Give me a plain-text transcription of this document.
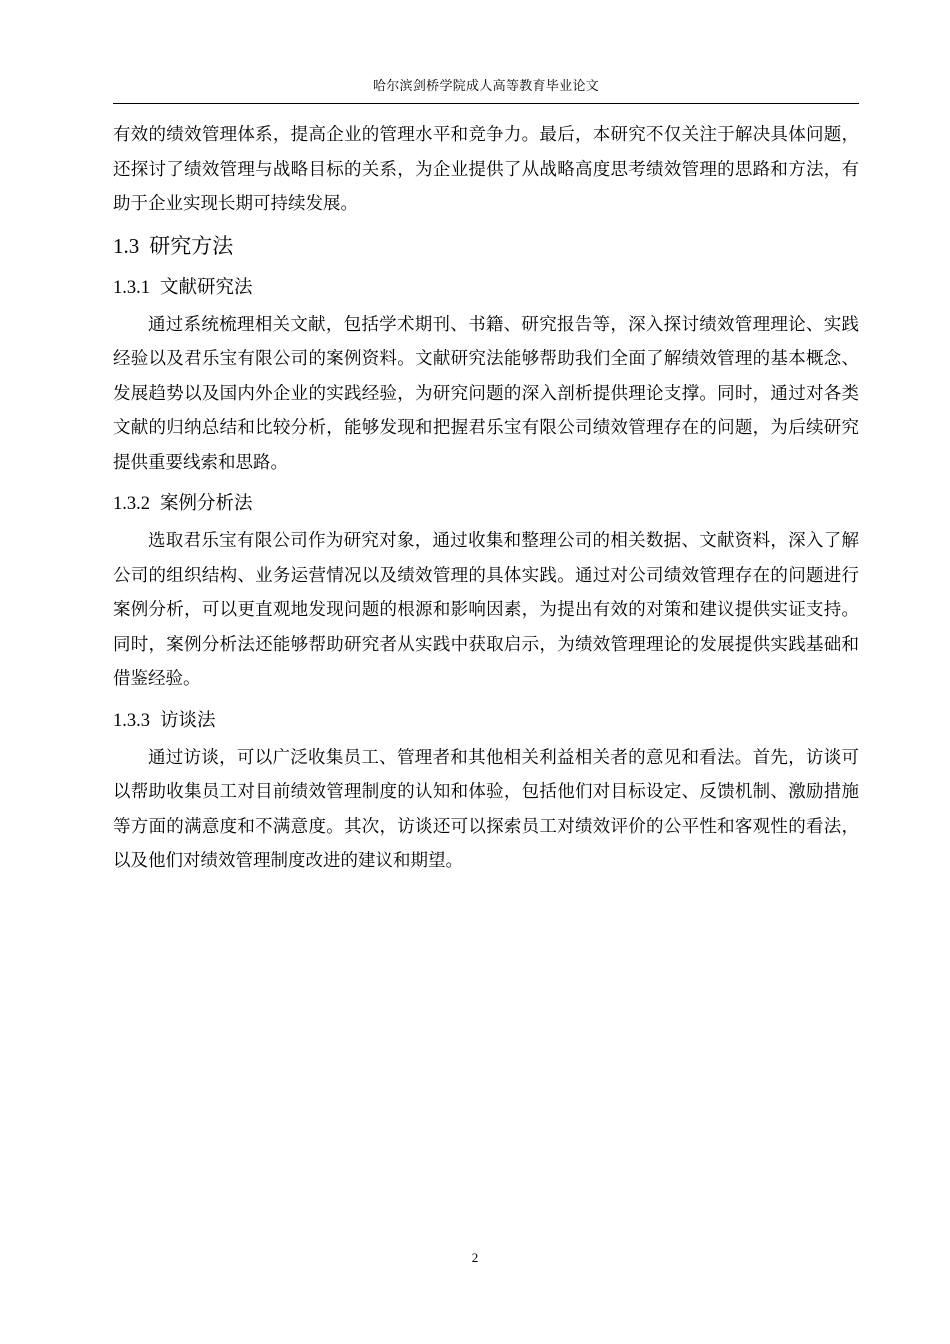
哈尔滨剑桥学院成人高等教育毕业论文

有效的绩效管理体系，提高企业的管理水平和竞争力。最后，本研究不仅关注于解决具体问题，还探讨了绩效管理与战略目标的关系，为企业提供了从战略高度思考绩效管理的思路和方法，有助于企业实现长期可持续发展。

1.3 研究方法
1.3.1 文献研究法

通过系统梳理相关文献，包括学术期刊、书籍、研究报告等，深入探讨绩效管理理论、实践经验以及君乐宝有限公司的案例资料。文献研究法能够帮助我们全面了解绩效管理的基本概念、发展趋势以及国内外企业的实践经验，为研究问题的深入剖析提供理论支撑。同时，通过对各类文献的归纳总结和比较分析，能够发现和把握君乐宝有限公司绩效管理存在的问题，为后续研究提供重要线索和思路。

1.3.2 案例分析法

选取君乐宝有限公司作为研究对象，通过收集和整理公司的相关数据、文献资料，深入了解公司的组织结构、业务运营情况以及绩效管理的具体实践。通过对公司绩效管理存在的问题进行案例分析，可以更直观地发现问题的根源和影响因素，为提出有效的对策和建议提供实证支持。同时，案例分析法还能够帮助研究者从实践中获取启示，为绩效管理理论的发展提供实践基础和借鉴经验。

1.3.3 访谈法

通过访谈，可以广泛收集员工、管理者和其他相关利益相关者的意见和看法。首先，访谈可以帮助收集员工对目前绩效管理制度的认知和体验，包括他们对目标设定、反馈机制、激励措施等方面的满意度和不满意度。其次，访谈还可以探索员工对绩效评价的公平性和客观性的看法，以及他们对绩效管理制度改进的建议和期望。

2
